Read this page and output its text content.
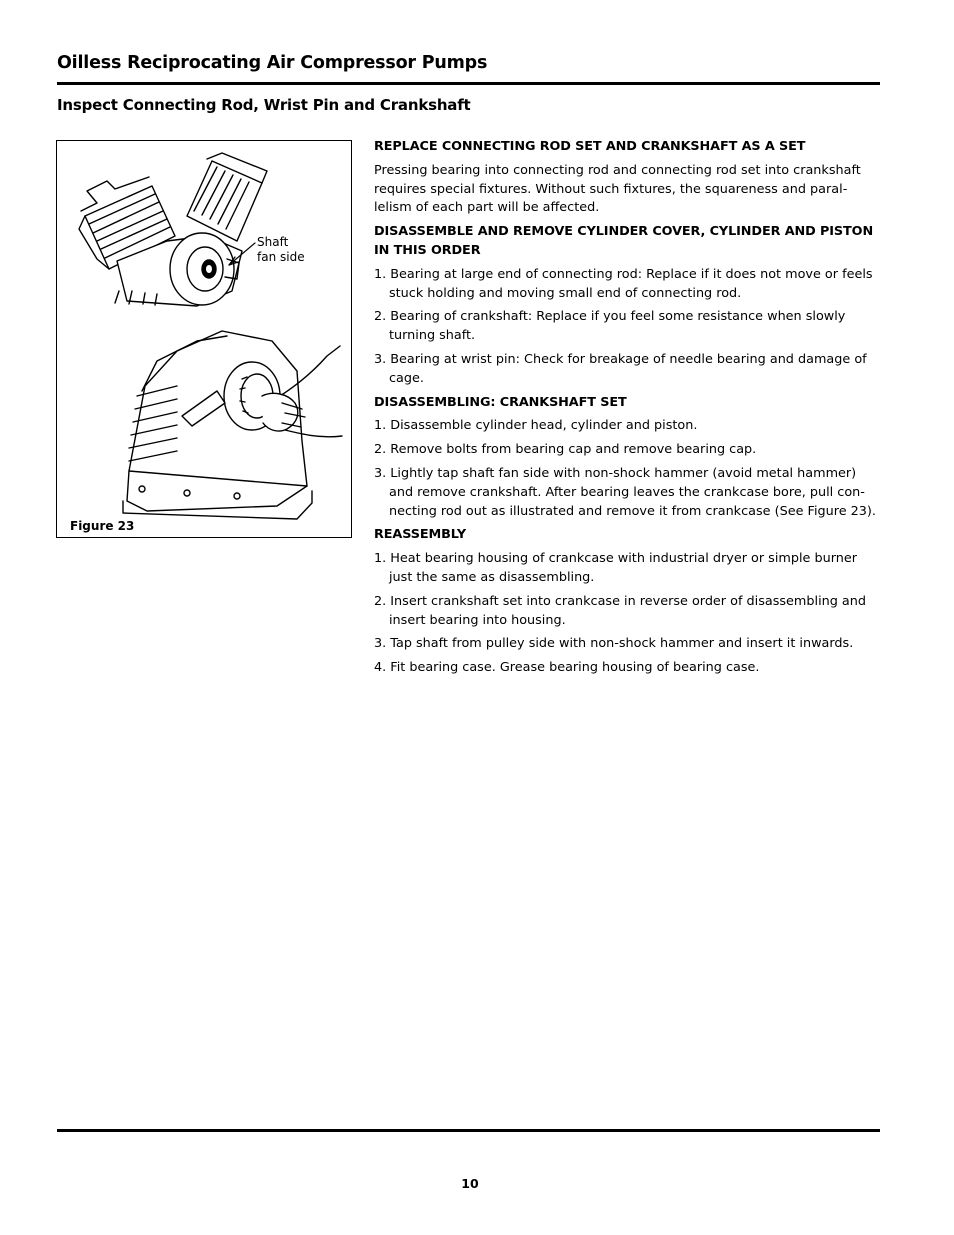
Oilless Reciprocating Air Compressor Pumps
Inspect Connecting Rod, Wrist Pin and Crankshaft
Shaft
fan side
Figure 23
REPLACE CONNECTING ROD SET AND CRANKSHAFT AS A SET
Pressing bearing into connecting rod and connecting rod set into crankshaft requires special fixtures. Without such fixtures, the squareness and parallelism of each part will be affected.
DISASSEMBLE AND REMOVE CYLINDER COVER, CYLINDER AND PISTON IN THIS ORDER
1. Bearing at large end of connecting rod: Replace if it does not move or feels stuck holding and moving small end of connecting rod.
2. Bearing of crankshaft: Replace if you feel some resistance when slowly turning shaft.
3. Bearing at wrist pin: Check for breakage of needle bearing and damage of cage.
DISASSEMBLING: CRANKSHAFT SET
1. Disassemble cylinder head, cylinder and piston.
2. Remove bolts from bearing cap and remove bearing cap.
3. Lightly tap shaft fan side with non-shock hammer (avoid metal hammer) and remove crankshaft. After bearing leaves the crankcase bore, pull connecting rod out as illustrated and remove it from crankcase (See Figure 23).
REASSEMBLY
1. Heat bearing housing of crankcase with industrial dryer or simple burner just the same as disassembling.
2. Insert crankshaft set into crankcase in reverse order of disassembling and insert bearing into housing.
3. Tap shaft from pulley side with non-shock hammer and insert it inwards.
4. Fit bearing case. Grease bearing housing of bearing case.
10
